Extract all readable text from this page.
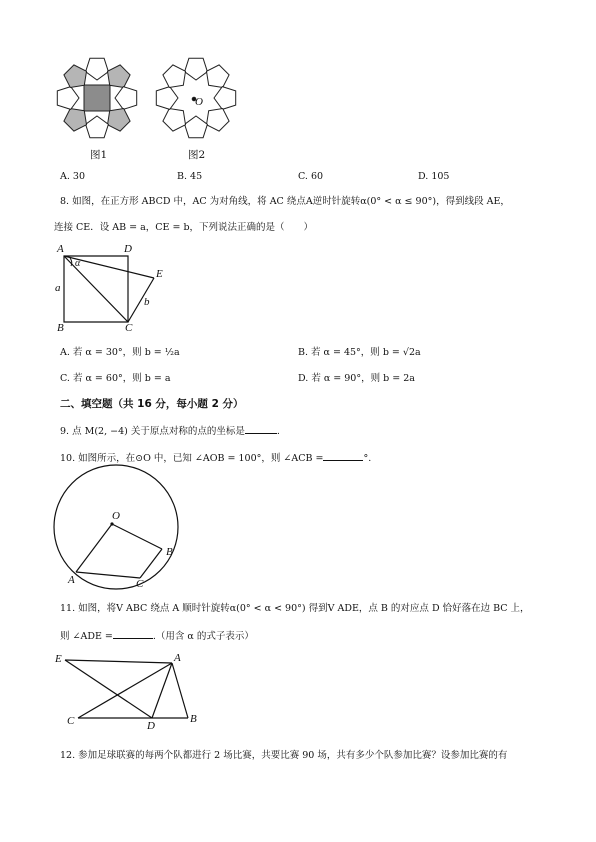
图1	图2
O
A. 30	B. 45	C. 60	D. 105
8. 如图，在正方形 ABCD 中，AC 为对角线，将 AC 绕点A逆时针旋转α(0° < α ≤ 90°)，得到线段 AE，
连接 CE．设 AB = a，CE = b，下列说法正确的是（　　）
A	D
E
B	C
a
b
α
A. 若 α = 30°，则 b = ½a	B. 若 α = 45°，则 b = √2a
C. 若 α = 60°，则 b = a	D. 若 α = 90°，则 b = 2a
二、填空题（共 16 分，每小题 2 分）
9. 点 M(2, −4) 关于原点对称的点的坐标是	.
10. 如图所示，在⊙O 中，已知 ∠AOB = 100°，则 ∠ACB =	°.
O
B
A	C
11. 如图，将V ABC 绕点 A 顺时针旋转α(0° < α < 90°) 得到V ADE，点 B 的对应点 D 恰好落在边 BC 上，
则 ∠ADE =	.（用含 α 的式子表示）
E	A
C	D
B
12. 参加足球联赛的每两个队都进行 2 场比赛，共要比赛 90 场，共有多少个队参加比赛？设参加比赛的有
